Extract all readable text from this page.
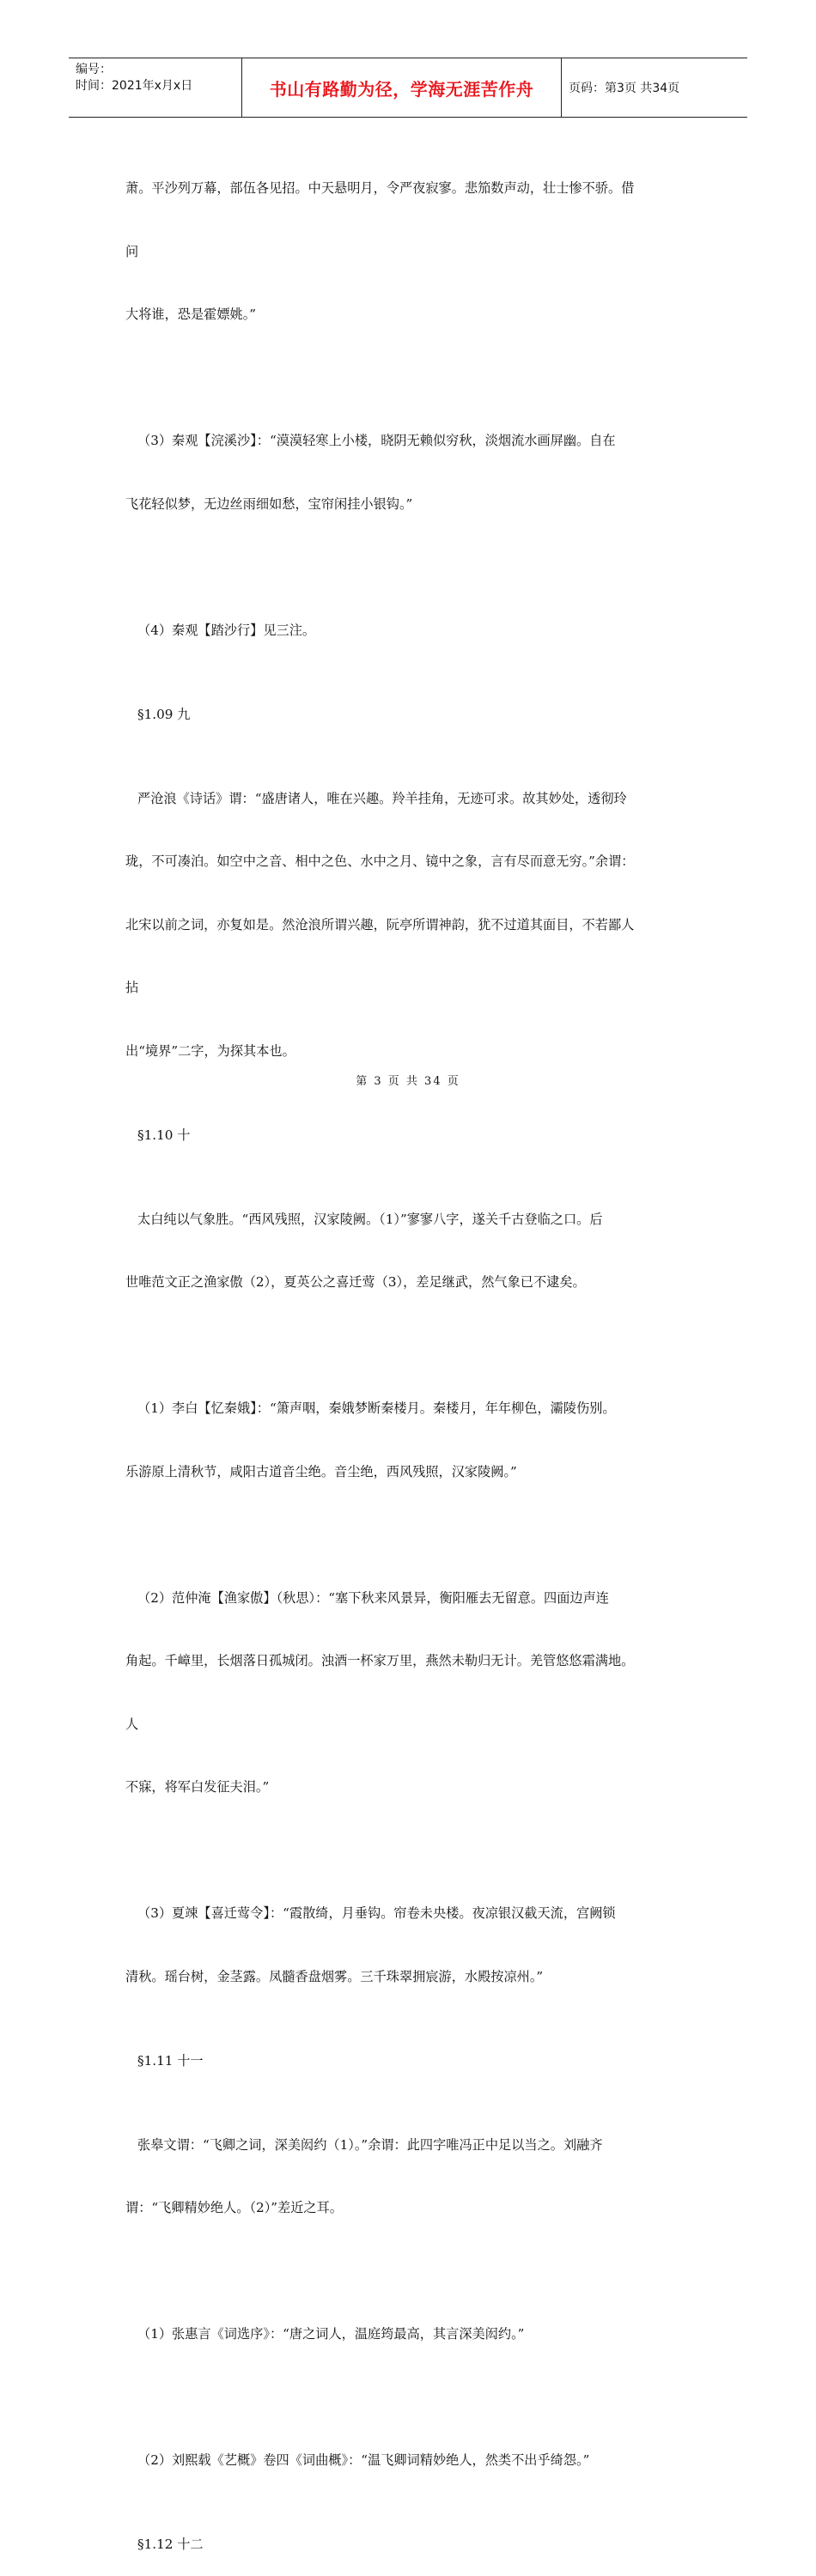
编号：
时间：2021年x月x日	书山有路勤为径，学海无涯苦作舟	页码：第3页 共34页

萧。平沙列万幕，部伍各见招。中天悬明月，令严夜寂寥。悲笳数声动，壮士惨不骄。借

问

大将谁，恐是霍嫖姚。”

（3）秦观【浣溪沙】：“漠漠轻寒上小楼，晓阴无赖似穷秋，淡烟流水画屏幽。自在

飞花轻似梦，无边丝雨细如愁，宝帘闲挂小银钩。”

（4）秦观【踏沙行】见三注。

§1.09 九

严沧浪《诗话》谓：“盛唐诸人，唯在兴趣。羚羊挂角，无迹可求。故其妙处，透彻玲

珑，不可凑泊。如空中之音、相中之色、水中之月、镜中之象，言有尽而意无穷。”余谓：

北宋以前之词，亦复如是。然沧浪所谓兴趣，阮亭所谓神韵，犹不过道其面目，不若鄙人

拈

出“境界”二字，为探其本也。

§1.10 十

太白纯以气象胜。“西风残照，汉家陵阙。（1）”寥寥八字，遂关千古登临之口。后

世唯范文正之渔家傲（2），夏英公之喜迁莺（3），差足继武，然气象已不逮矣。

（1）李白【忆秦娥】：“箫声咽，秦娥梦断秦楼月。秦楼月，年年柳色，灞陵伤别。

乐游原上清秋节，咸阳古道音尘绝。音尘绝，西风残照，汉家陵阙。”

（2）范仲淹【渔家傲】（秋思）：“塞下秋来风景异，衡阳雁去无留意。四面边声连

角起。千嶂里，长烟落日孤城闭。浊酒一杯家万里，燕然未勒归无计。羌管悠悠霜满地。

人

不寐，将军白发征夫泪。”

（3）夏竦【喜迁莺令】：“霞散绮，月垂钩。帘卷未央楼。夜凉银汉截天流，宫阙锁

清秋。瑶台树，金茎露。凤髓香盘烟雾。三千珠翠拥宸游，水殿按凉州。”

§1.11 十一

张皋文谓：“飞卿之词，深美闳约（1）。”余谓：此四字唯冯正中足以当之。刘融齐

谓：“飞卿精妙绝人。（2）”差近之耳。

（1）张惠言《词选序》：“唐之词人，温庭筠最高，其言深美闳约。”

（2）刘熙载《艺概》卷四《词曲概》：“温飞卿词精妙绝人，然类不出乎绮怨。”

§1.12 十二
第 3 页 共 34 页
